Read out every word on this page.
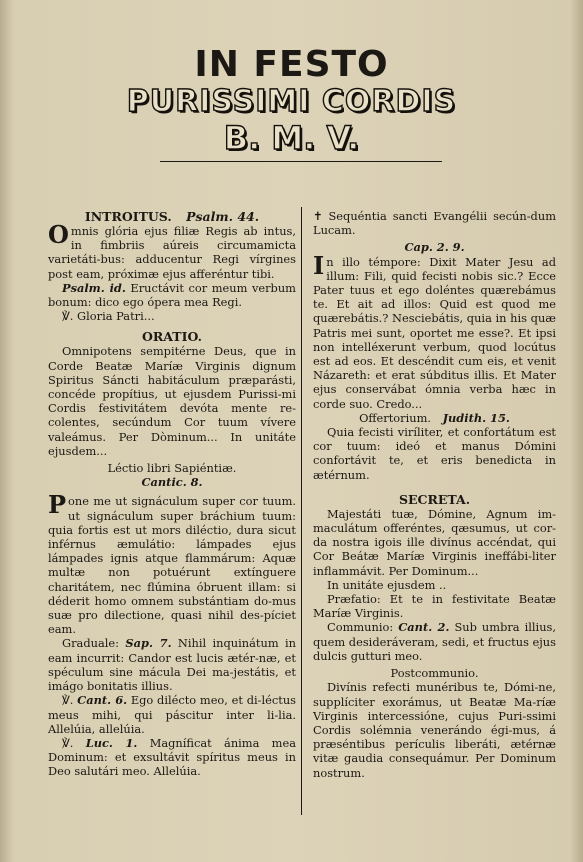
IN FESTO
PURISSIMI CORDIS
B. M. V.
INTROITUS. Psalm. 44.

Omnis glória ejus filiæ Regis ab intus, in fimbriis aúreis circumamicta varietáti-bus: adducentur Regi vírgines post eam, próximæ ejus afferéntur tibi.

Psalm. id. Eructávit cor meum verbum bonum: dico ego ópera mea Regi.

℣. Gloria Patri...

ORATIO.

Omnipotens sempitérne Deus, que in Corde Beatæ Maríæ Virginis dignum Spiritus Sáncti habitáculum præparásti, concéde propítius, ut ejusdem Purissi-mi Cordis festivitátem devóta mente re-colentes, secúndum Cor tuum vívere valeámus. Per Dòminum... In unitáte ejusdem...

Léctio libri Sapiéntiæ.
Cantic. 8.

Pone me ut signáculum super cor tuum. ut signáculum super bráchium tuum: quia fortis est ut mors diléctio, dura sicut inférnus æmulátio: lámpades ejus lámpades ignis atque flammárum: Aquæ multæ non potuérunt extínguere charitátem, nec flúmina óbruent illam: si déderit homo omnem substántiam do-mus suæ pro dilectione, quasi nihil des-píciet eam.

Graduale: Sap. 7. Nihil inquinátum in eam incurrit: Candor est lucis ætér-næ, et spéculum sine mácula Dei ma-jestátis, et imágo bonitatis illius.

℣. Cant. 6. Ego dilécto meo, et di-léctus meus mihi, qui páscitur inter li-lia. Allelúia, allelúia.

℣. Luc. 1. Magníficat ánima mea Dominum: et exsultávit spíritus meus in Deo salutári meo. Allelúia.

✝ Sequéntia sancti Evangélii secún-dum Lucam.

Cap. 2. 9.

In illo témpore: Dixit Mater Jesu ad illum: Fili, quid fecisti nobis sic.? Ecce Pater tuus et ego doléntes quærebámus te. Et ait ad illos: Quid est quod me quærebátis.? Nesciebátis, quia in his quæ Patris mei sunt, oportet me esse?. Et ipsi non intelléxerunt verbum, quod locútus est ad eos. Et descéndit cum eis, et venit Názareth: et erat súbditus illis. Et Mater ejus conservábat ómnia verba hæc in corde suo. Credo...

Offertorium. Judith. 15.

Quia fecisti viríliter, et confortátum est cor tuum: ideó et manus Dómini confortávit te, et eris benedicta in ætérnum.

SECRETA.

Majestáti tuæ, Dómine, Agnum im-maculátum offeréntes, qæsumus, ut cor-da nostra igois ille divínus accéndat, qui Cor Beátæ Maríæ Virginis ineffábi-liter inflammávit. Per Dominum...

In unitáte ejusdem ..

Præfatio: Et te in festivitate Beatæ Maríæ Virginis.

Communio: Cant. 2. Sub umbra illius, quem desideráveram, sedi, et fructus ejus dulcis gutturi meo.

Postcommunio.

Divínis refecti munéribus te, Dómi-ne, supplíciter exorámus, ut Beatæ Ma-ríæ Virginis intercessióne, cujus Puri-ssimi Cordis solémnia venerándo égi-mus, á præséntibus perículis liberáti, ætérnæ vitæ gaudia consequámur. Per Dominum nostrum.
